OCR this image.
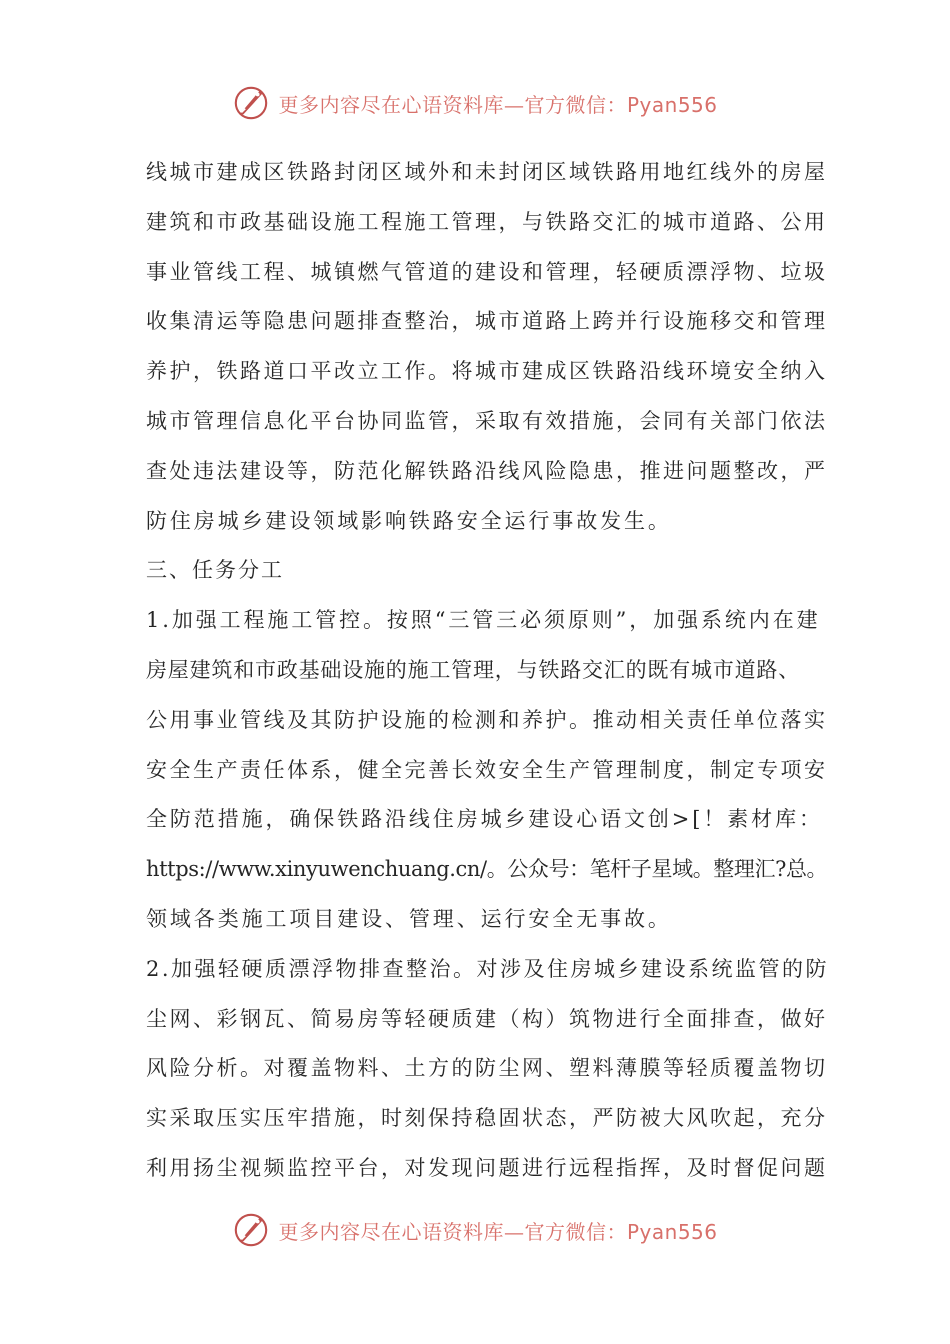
更多内容尽在心语资料库—官方微信：Pyan556
线城市建成区铁路封闭区域外和未封闭区域铁路用地红线外的房屋
建筑和市政基础设施工程施工管理，与铁路交汇的城市道路、公用
事业管线工程、城镇燃气管道的建设和管理，轻硬质漂浮物、垃圾
收集清运等隐患问题排查整治，城市道路上跨并行设施移交和管理
养护，铁路道口平改立工作。将城市建成区铁路沿线环境安全纳入
城市管理信息化平台协同监管，采取有效措施，会同有关部门依法
查处违法建设等，防范化解铁路沿线风险隐患，推进问题整改，严
防住房城乡建设领域影响铁路安全运行事故发生。
三、任务分工
1.加强工程施工管控。按照“三管三必须原则”，加强系统内在建
房屋建筑和市政基础设施的施工管理，与铁路交汇的既有城市道路、
公用事业管线及其防护设施的检测和养护。推动相关责任单位落实
安全生产责任体系，健全完善长效安全生产管理制度，制定专项安
全防范措施，确保铁路沿线住房城乡建设心语文创>[！素材库：
https://www.xinyuwenchuang.cn/。公众号：笔杆子星域。整理汇?总。
领域各类施工项目建设、管理、运行安全无事故。
2.加强轻硬质漂浮物排查整治。对涉及住房城乡建设系统监管的防
尘网、彩钢瓦、简易房等轻硬质建（构）筑物进行全面排查，做好
风险分析。对覆盖物料、土方的防尘网、塑料薄膜等轻质覆盖物切
实采取压实压牢措施，时刻保持稳固状态，严防被大风吹起，充分
利用扬尘视频监控平台，对发现问题进行远程指挥，及时督促问题
更多内容尽在心语资料库—官方微信：Pyan556
